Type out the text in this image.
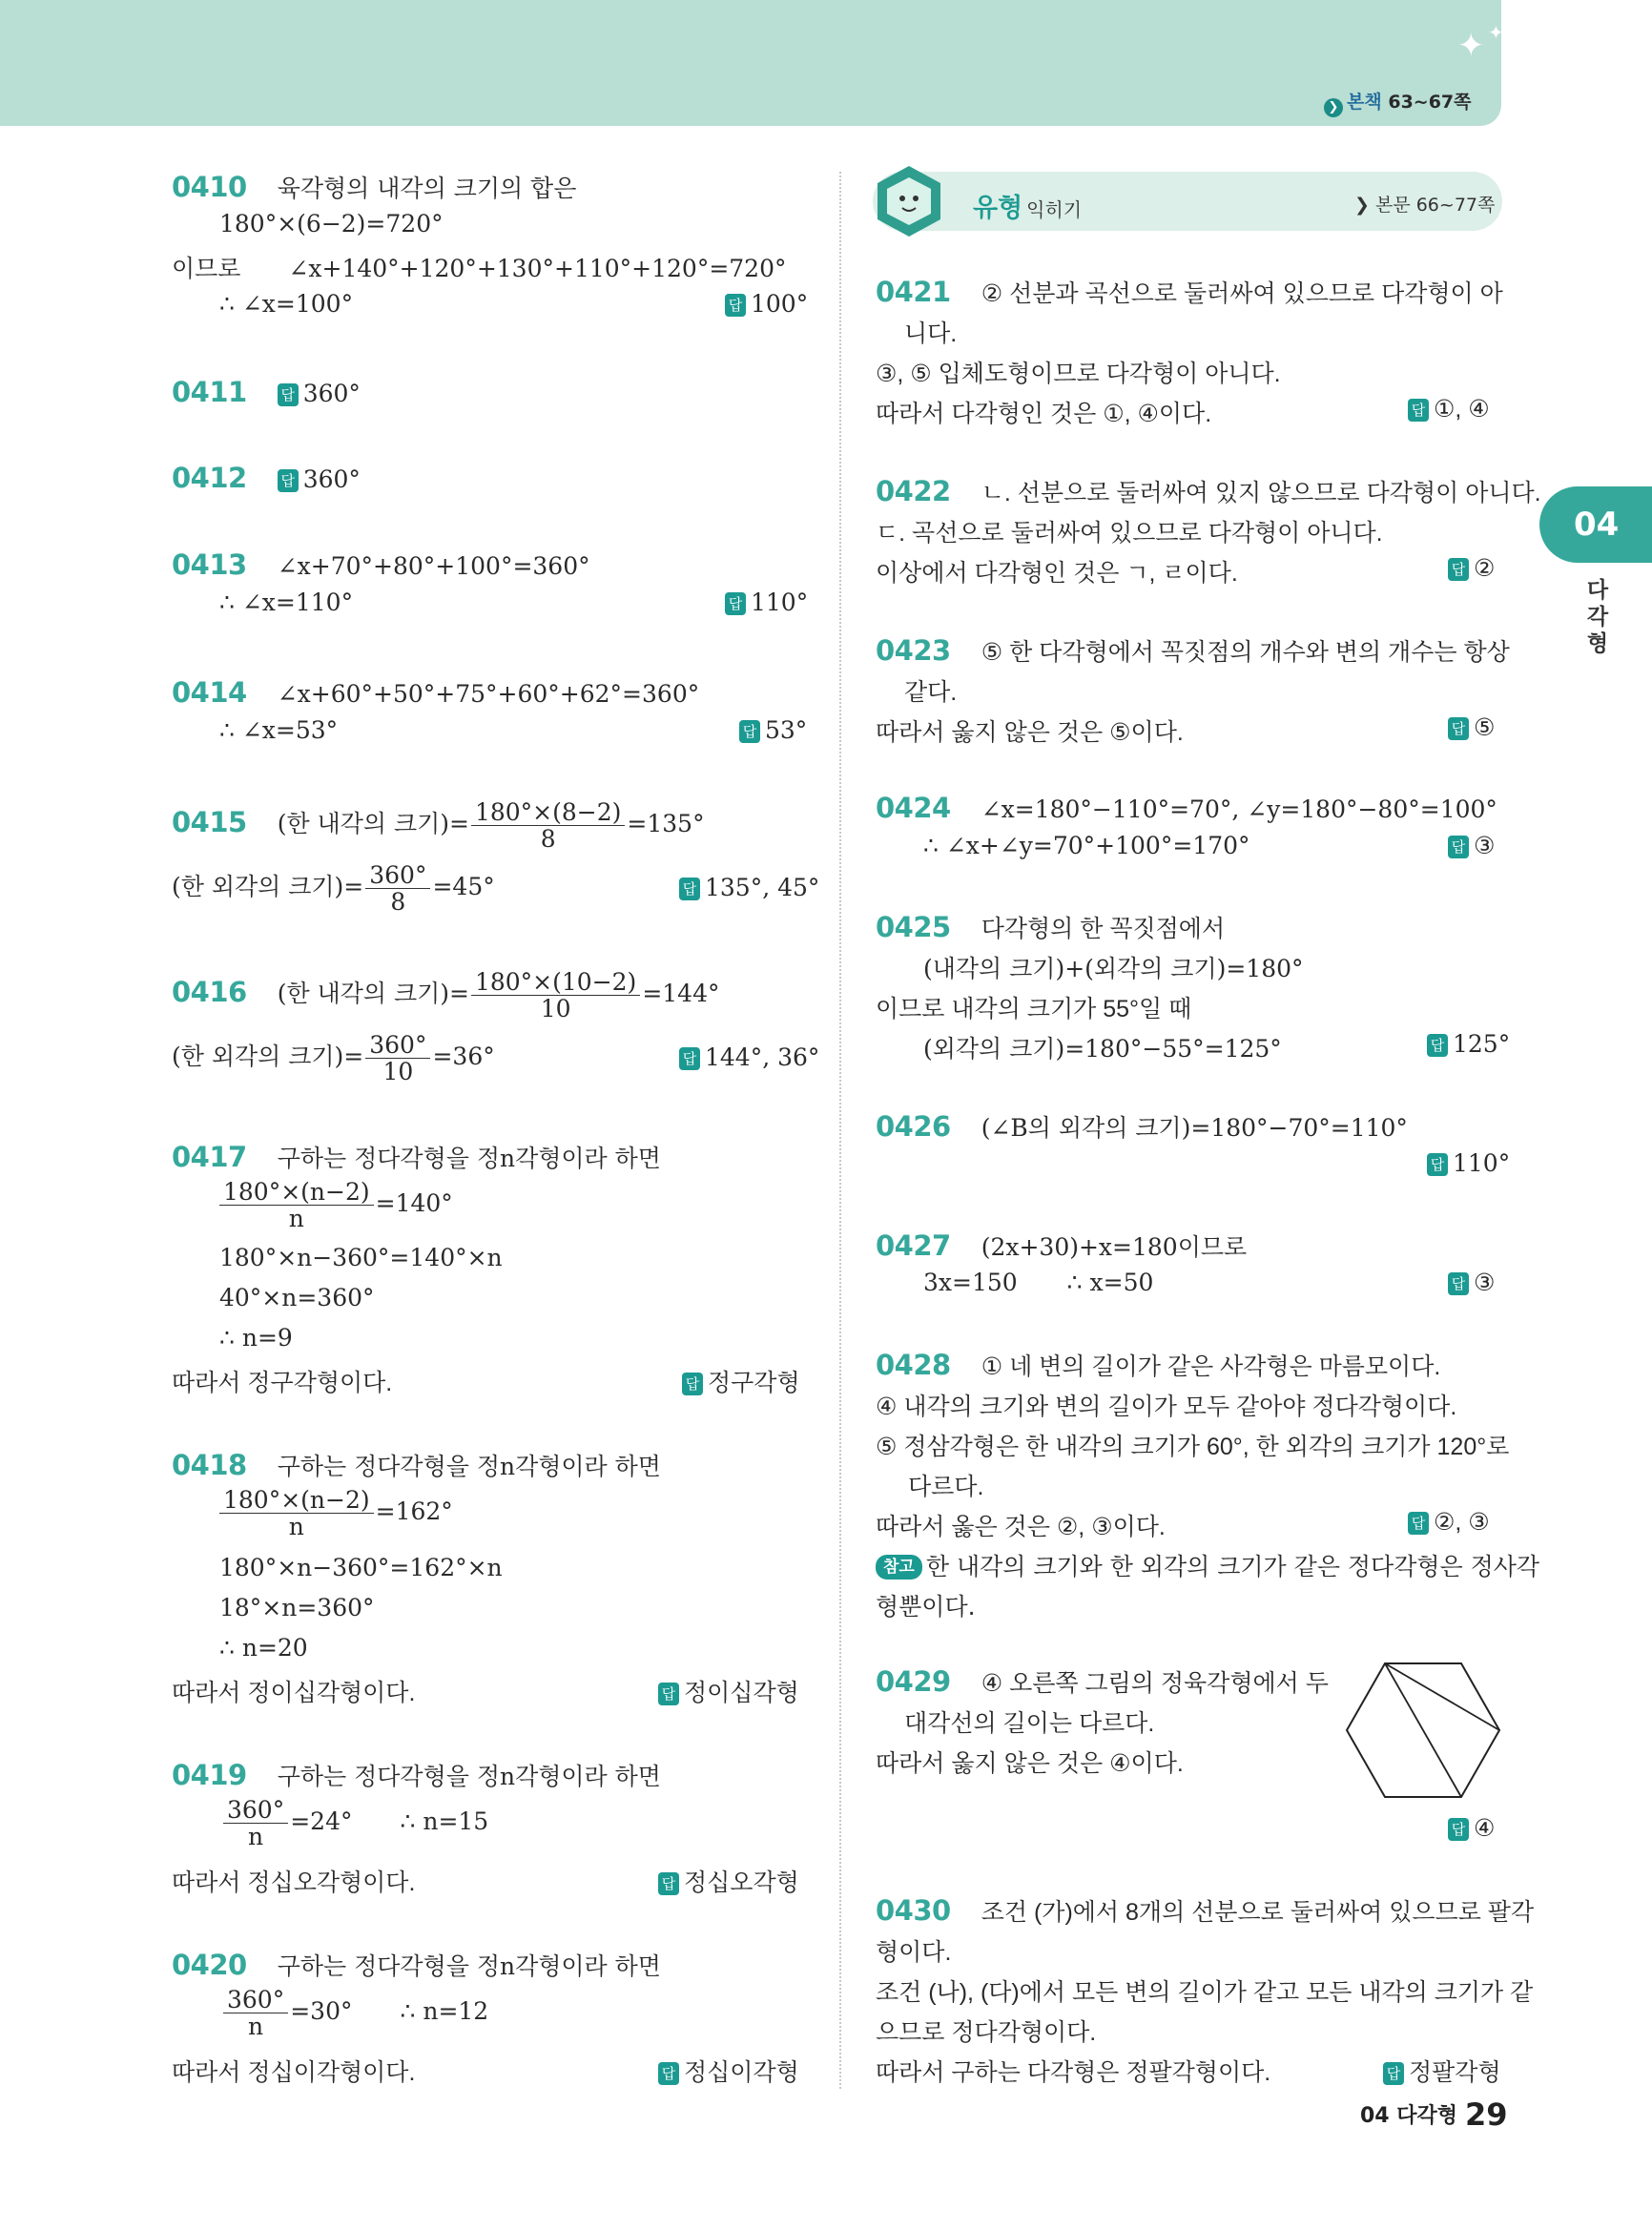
✦ ✦
❯ 본책 63~67쪽
0410 육각형의 내각의 크기의 합은
180°×(6−2)=720°
이므로 ∠x+140°+120°+130°+110°+120°=720°
∴ ∠x=100°	답 100°
0411 답 360°
0412 답 360°
0413 ∠x+70°+80°+100°=360°
∴ ∠x=110°	답 110°
0414 ∠x+60°+50°+75°+60°+62°=360°
∴ ∠x=53°	답 53°
0415 (한 내각의 크기)= $\frac{180^\circ\times(8-2)}{8} =135^\circ$
(한 외각의 크기)= $\frac{360^\circ}{8} =45^\circ$	답 135°, 45°
0416 (한 내각의 크기)= $\frac{180^\circ\times(10-2)}{10} =144^\circ$
(한 외각의 크기)= $\frac{360^\circ}{10} =36^\circ$	답 144°, 36°
0417 구하는 정다각형을 정n각형이라 하면
$\frac{180^\circ\times(n-2)}{n} =140^\circ$
180°×n−360°=140°×n
40°×n=360°
∴ n=9
따라서 정구각형이다.	답 정구각형
0418 구하는 정다각형을 정n각형이라 하면
$\frac{180^\circ\times(n-2)}{n} =162^\circ$
180°×n−360°=162°×n
18°×n=360°
∴ n=20
따라서 정이십각형이다.	답 정이십각형
0419 구하는 정다각형을 정n각형이라 하면
$\frac{360^\circ}{n} =24^\circ$ ∴ n=15
따라서 정십오각형이다.	답 정십오각형
0420 구하는 정다각형을 정n각형이라 하면
$\frac{360^\circ}{n} =30^\circ$ ∴ n=12
따라서 정십이각형이다.	답 정십이각형
유형 익히기	❯ 본문 66~77쪽
0421 ② 선분과 곡선으로 둘러싸여 있으므로 다각형이 아
니다.
③, ⑤ 입체도형이므로 다각형이 아니다.
따라서 다각형인 것은 ①, ④이다.	답 ①, ④
0422 ㄴ. 선분으로 둘러싸여 있지 않으므로 다각형이 아니다.
ㄷ. 곡선으로 둘러싸여 있으므로 다각형이 아니다.
이상에서 다각형인 것은 ㄱ, ㄹ이다.	답 ②
0423 ⑤ 한 다각형에서 꼭짓점의 개수와 변의 개수는 항상
같다.
따라서 옳지 않은 것은 ⑤이다.	답 ⑤
0424 ∠x=180°−110°=70°, ∠y=180°−80°=100°
∴ ∠x+∠y=70°+100°=170°	답 ③
0425 다각형의 한 꼭짓점에서
(내각의 크기)+(외각의 크기)=180°
이므로 내각의 크기가 55°일 때
(외각의 크기)=180°−55°=125°	답 125°
0426 (∠B의 외각의 크기)=180°−70°=110°
답 110°
0427 (2x+30)+x=180이므로
3x=150 ∴ x=50	답 ③
0428 ① 네 변의 길이가 같은 사각형은 마름모이다.
④ 내각의 크기와 변의 길이가 모두 같아야 정다각형이다.
⑤ 정삼각형은 한 내각의 크기가 60°, 한 외각의 크기가 120°로
다르다.
따라서 옳은 것은 ②, ③이다.	답 ②, ③
참고 한 내각의 크기와 한 외각의 크기가 같은 정다각형은 정사각
형뿐이다.
0429 ④ 오른쪽 그림의 정육각형에서 두
대각선의 길이는 다르다.
따라서 옳지 않은 것은 ④이다.
답 ④
0430 조건 (가)에서 8개의 선분으로 둘러싸여 있으므로 팔각
형이다.
조건 (나), (다)에서 모든 변의 길이가 같고 모든 내각의 크기가 같
으므로 정다각형이다.
따라서 구하는 다각형은 정팔각형이다.	답 정팔각형
04
다
각
형
04 다각형 29
